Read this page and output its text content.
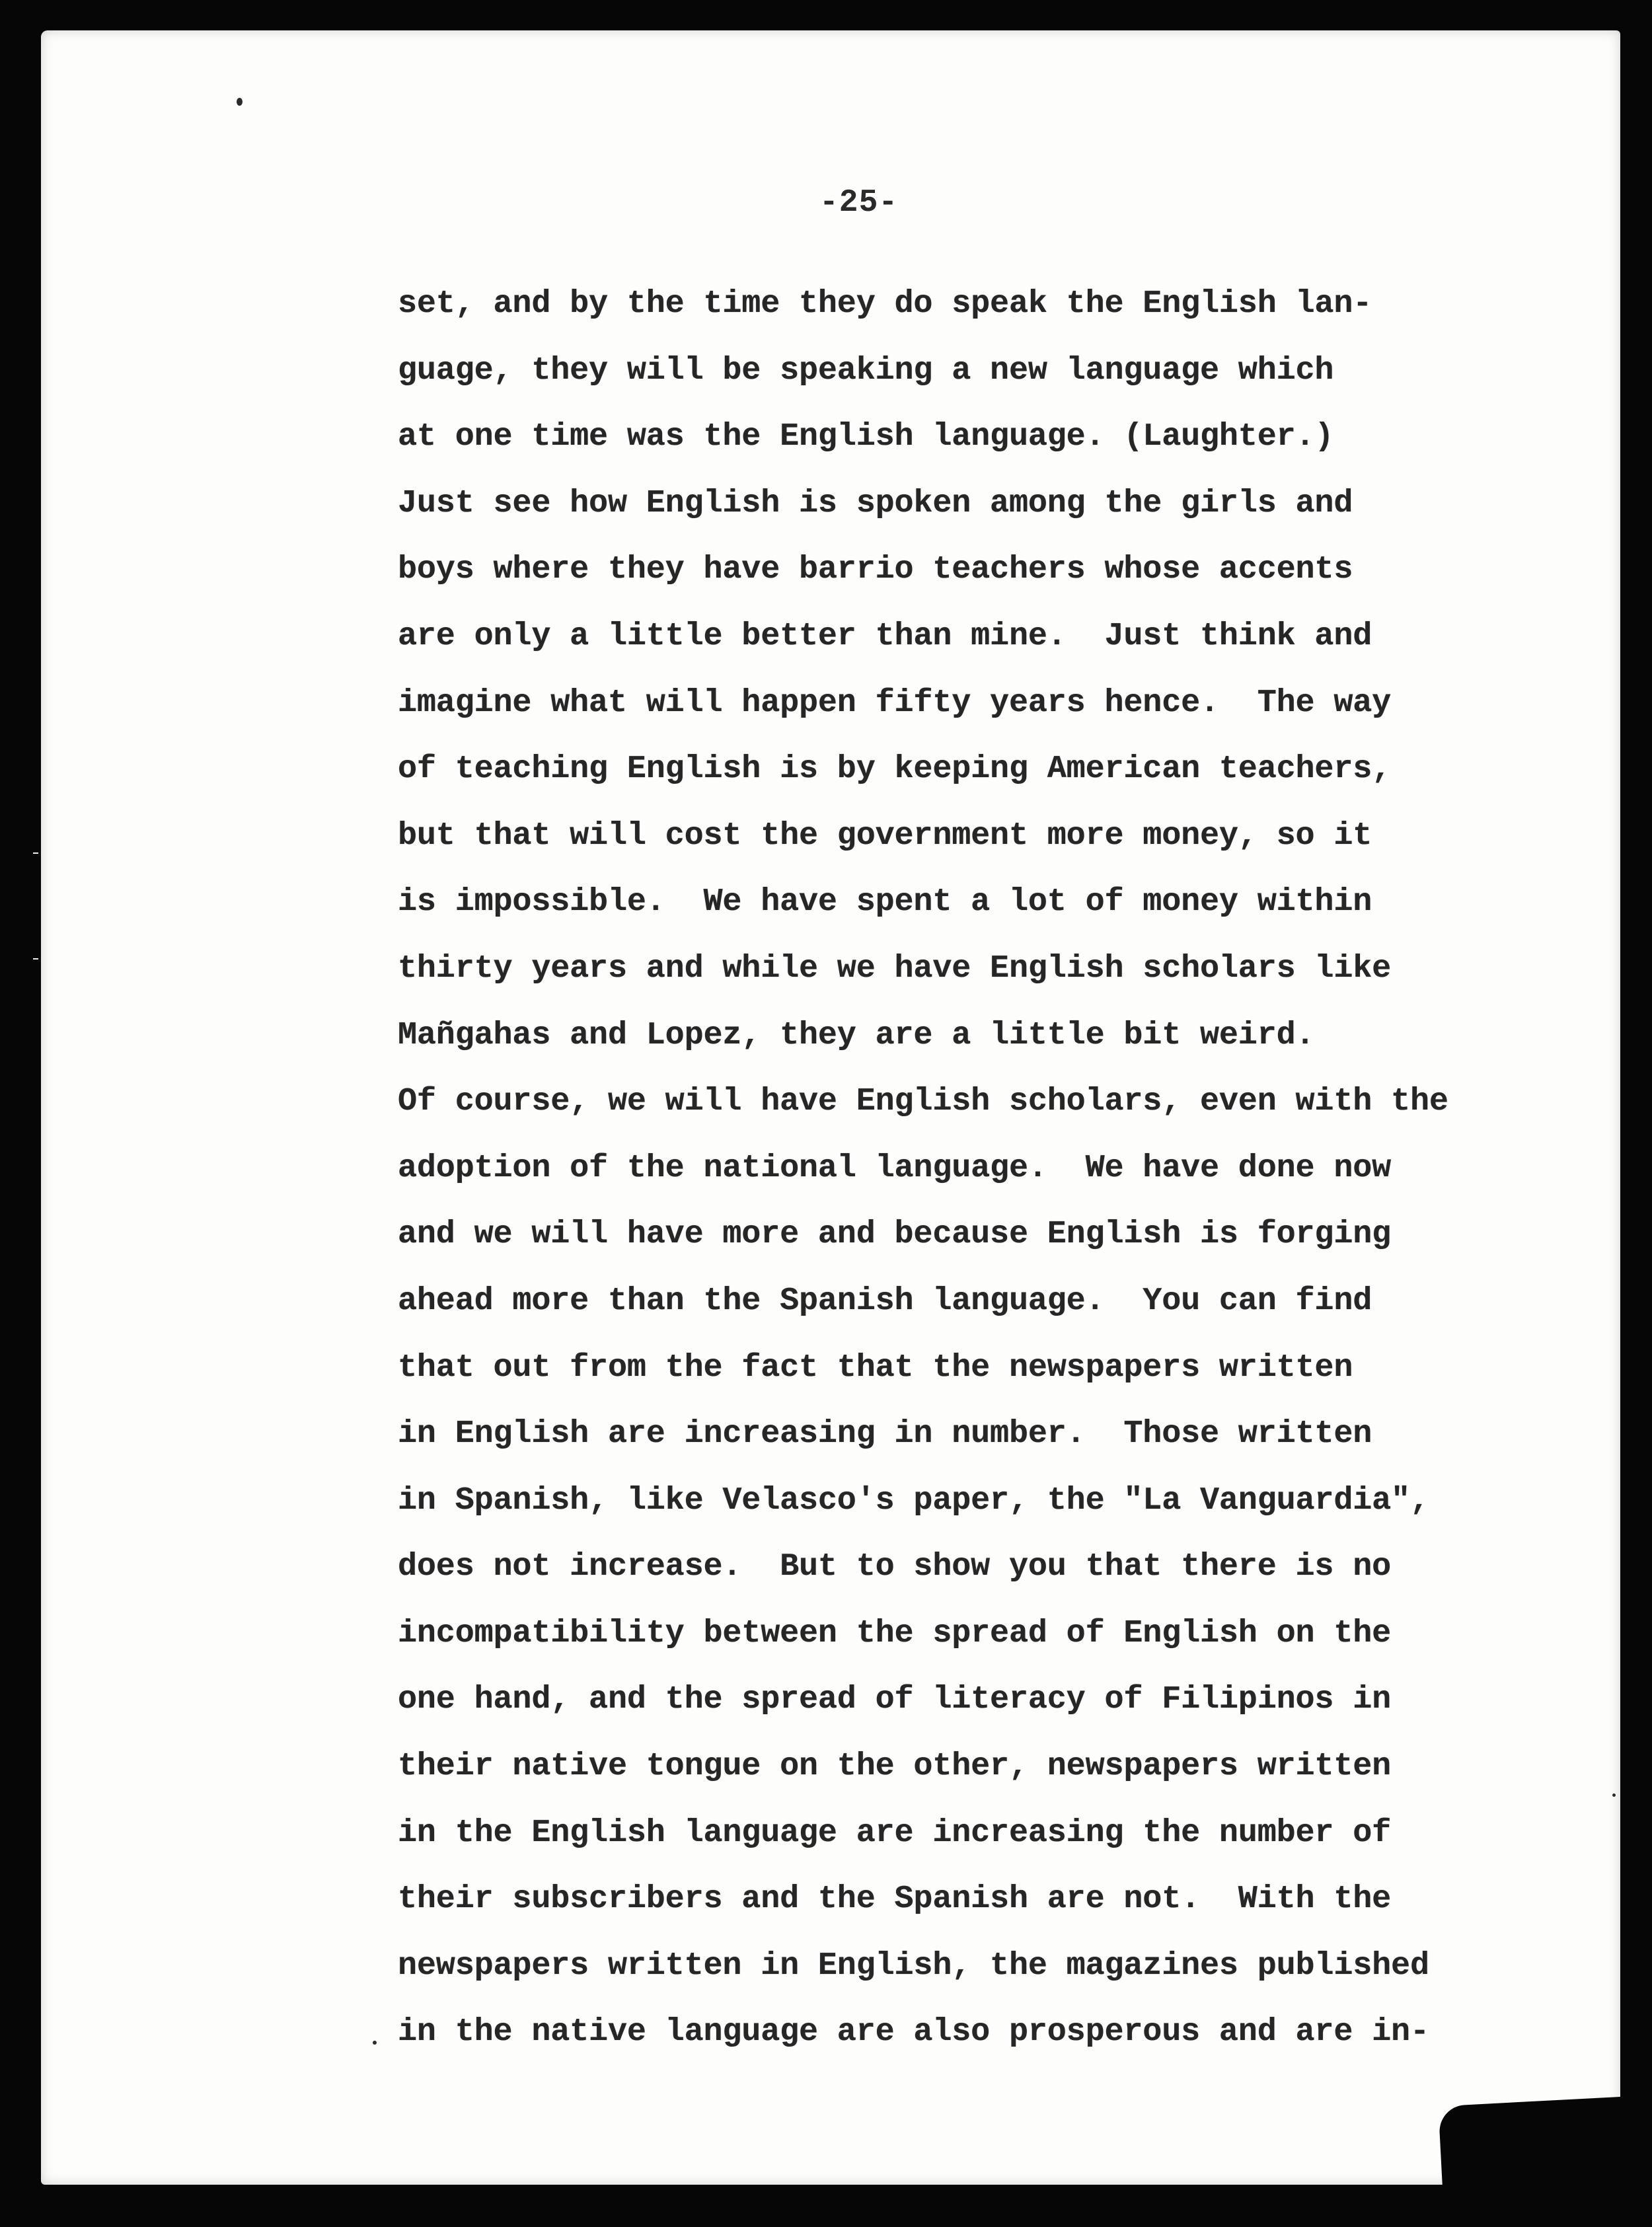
-25-
set, and by the time they do speak the English lan-
guage, they will be speaking a new language which
at one time was the English language. (Laughter.)
Just see how English is spoken among the girls and
boys where they have barrio teachers whose accents
are only a little better than mine.  Just think and
imagine what will happen fifty years hence.  The way
of teaching English is by keeping American teachers,
but that will cost the government more money, so it
is impossible.  We have spent a lot of money within
thirty years and while we have English scholars like
Mañgahas and Lopez, they are a little bit weird.
Of course, we will have English scholars, even with the
adoption of the national language.  We have done now
and we will have more and because English is forging
ahead more than the Spanish language.  You can find
that out from the fact that the newspapers written
in English are increasing in number.  Those written
in Spanish, like Velasco's paper, the "La Vanguardia",
does not increase.  But to show you that there is no
incompatibility between the spread of English on the
one hand, and the spread of literacy of Filipinos in
their native tongue on the other, newspapers written
in the English language are increasing the number of
their subscribers and the Spanish are not.  With the
newspapers written in English, the magazines published
in the native language are also prosperous and are in-
